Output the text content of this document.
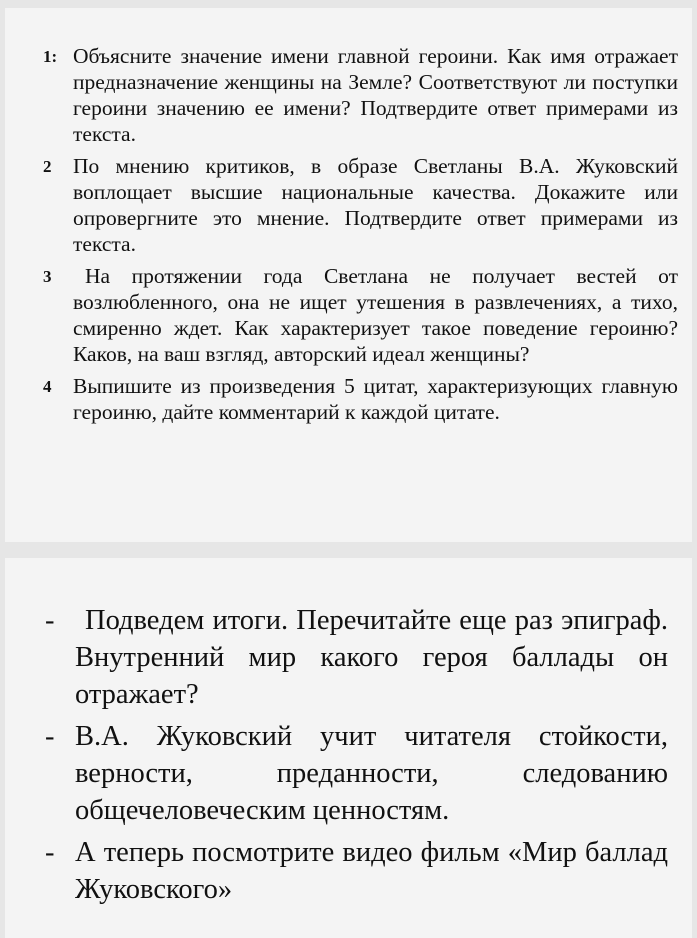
1: Объясните значение имени главной героини. Как имя отражает предназначение женщины на Земле? Соответствуют ли поступки героини значению ее имени? Подтвердите ответ примерами из текста.
2	По мнению критиков, в образе Светланы В.А. Жуковский воплощает высшие национальные качества. Докажите или опровергните это мнение. Подтвердите ответ примерами из текста.
3	На протяжении года Светлана не получает вестей от возлюбленного, она не ищет утешения в развлечениях, а тихо, смиренно ждет. Как характеризует такое поведение героиню? Каков, на ваш взгляд, авторский идеал женщины?
4	Выпишите из произведения 5 цитат, характеризующих главную героиню, дайте комментарий к каждой цитате.
-	Подведем итоги. Перечитайте еще раз эпиграф. Внутренний мир какого героя баллады он отражает?
- В.А. Жуковский учит читателя стойкости, верности, преданности, следованию общечеловеческим ценностям.
- А теперь посмотрите видео фильм «Мир баллад Жуковского»
